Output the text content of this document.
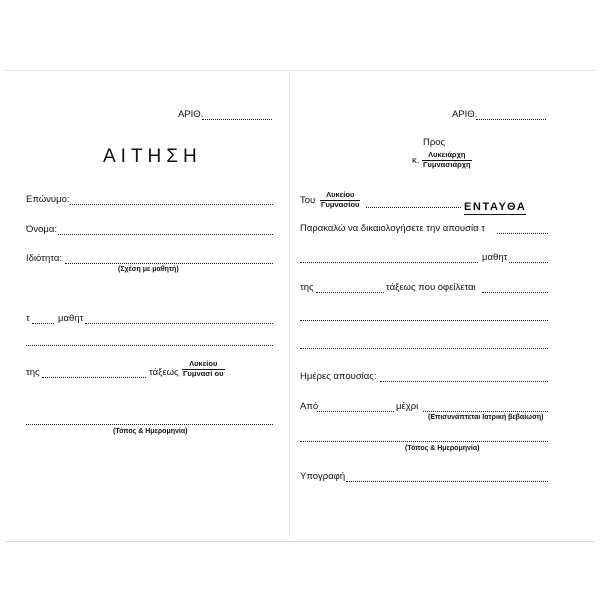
ΑΡΙΘ.
ΑΙΤΗΣΗ
Επώνυμο:
Όνομα:
Ιδιότητα:
(Σχέση με μαθητή)
τ	μαθητ
της	τάξεως
Λυκείου
Γυμνασί ου
(Τόπος & Ημερομηνία)
ΑΡΙΘ.
Προς
κ.
Λυκειάρχη
Γυμνασιάρχη
Του
Λυκείου
Γυμνασίου	ΕΝΤΑΥΘΑ
Παρακαλώ να δικαιολογήσετε την απουσία τ
μαθητ
της	τάξεως που οφείλεται
Ημέρες απουσίας:
Από	μέχρι
(Επισυνάπτεται Ιατρική βεβαίωση)
(Τόπος & Ημερομηνία)
Υπογραφή
